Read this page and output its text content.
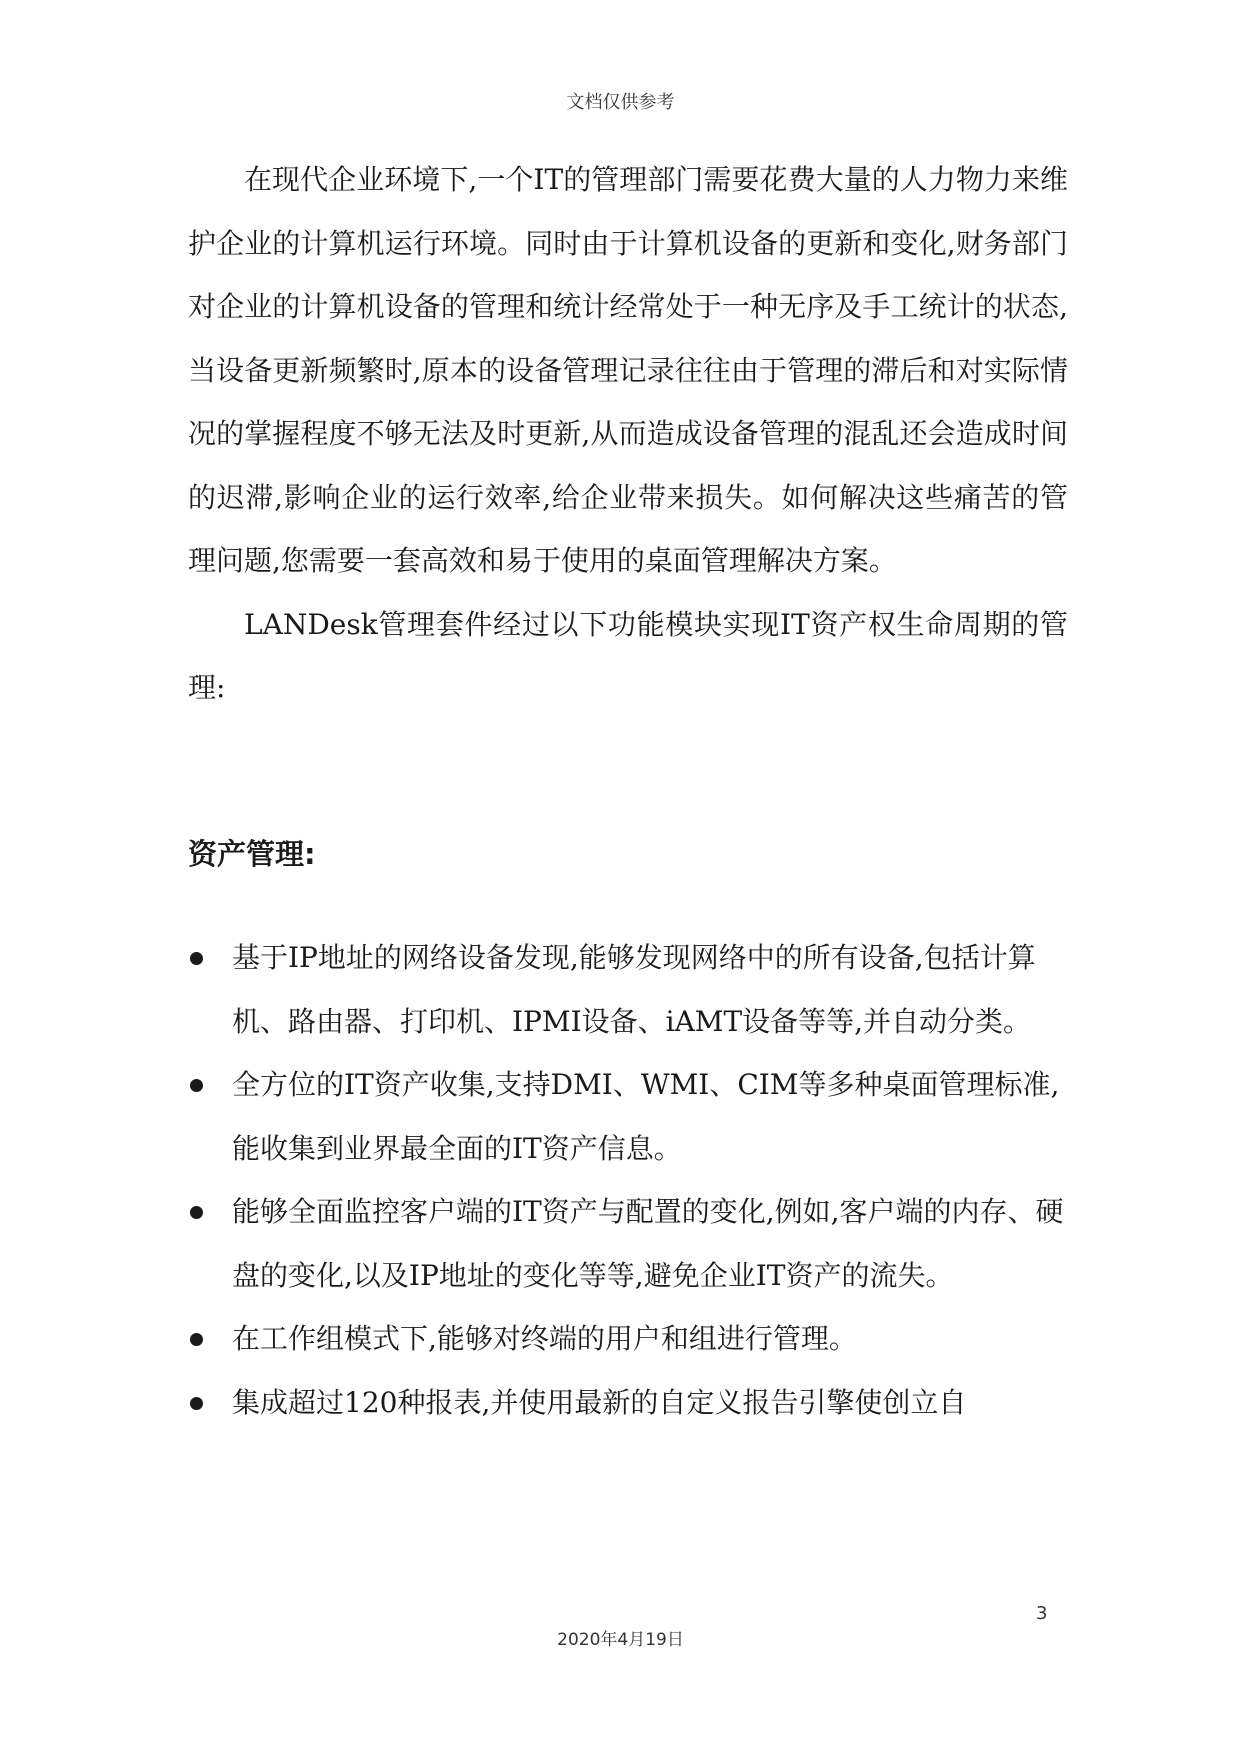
文档仅供参考

在现代企业环境下,一个IT的管理部门需要花费大量的人力物力来维护企业的计算机运行环境。同时由于计算机设备的更新和变化,财务部门对企业的计算机设备的管理和统计经常处于一种无序及手工统计的状态,当设备更新频繁时,原本的设备管理记录往往由于管理的滞后和对实际情况的掌握程度不够无法及时更新,从而造成设备管理的混乱还会造成时间的迟滞,影响企业的运行效率,给企业带来损失。如何解决这些痛苦的管理问题,您需要一套高效和易于使用的桌面管理解决方案。

LANDesk管理套件经过以下功能模块实现IT资产权生命周期的管理:

资产管理:
基于IP地址的网络设备发现,能够发现网络中的所有设备,包括计算机、路由器、打印机、IPMI设备、iAMT设备等等,并自动分类。
全方位的IT资产收集,支持DMI、WMI、CIM等多种桌面管理标准,能收集到业界最全面的IT资产信息。
能够全面监控客户端的IT资产与配置的变化,例如,客户端的内存、硬盘的变化,以及IP地址的变化等等,避免企业IT资产的流失。
在工作组模式下,能够对终端的用户和组进行管理。
集成超过120种报表,并使用最新的自定义报告引擎使创立自
3
2020年4月19日
